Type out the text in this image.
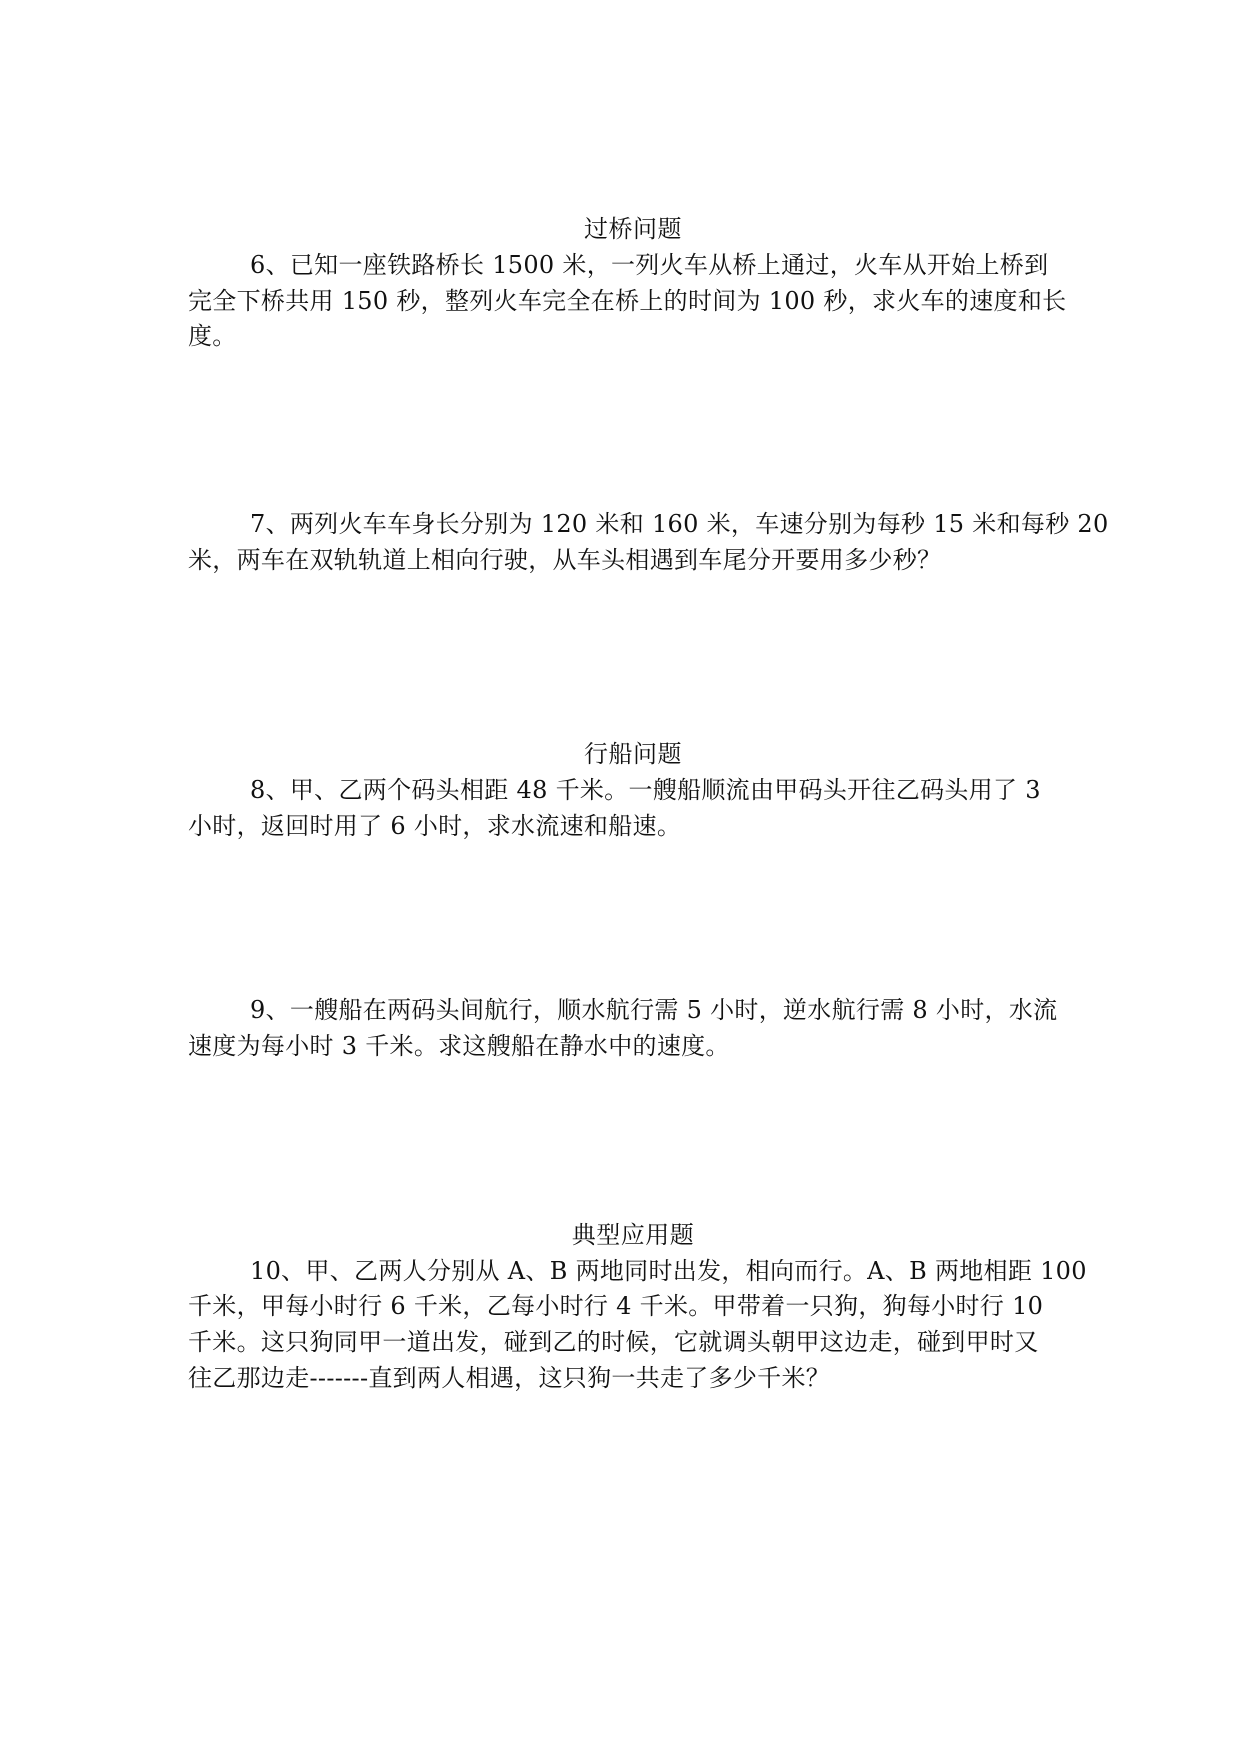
过桥问题
6、已知一座铁路桥长 1500 米，一列火车从桥上通过，火车从开始上桥到
完全下桥共用 150 秒，整列火车完全在桥上的时间为 100 秒，求火车的速度和长
度。
7、两列火车车身长分别为 120 米和 160 米，车速分别为每秒 15 米和每秒 20
米，两车在双轨轨道上相向行驶，从车头相遇到车尾分开要用多少秒？
行船问题
8、甲、乙两个码头相距 48 千米。一艘船顺流由甲码头开往乙码头用了 3
小时，返回时用了 6 小时，求水流速和船速。
9、一艘船在两码头间航行，顺水航行需 5 小时，逆水航行需 8 小时，水流
速度为每小时 3 千米。求这艘船在静水中的速度。
典型应用题
10、甲、乙两人分别从 A、B 两地同时出发，相向而行。A、B 两地相距 100
千米，甲每小时行 6 千米，乙每小时行 4 千米。甲带着一只狗，狗每小时行 10
千米。这只狗同甲一道出发，碰到乙的时候，它就调头朝甲这边走，碰到甲时又
往乙那边走-------直到两人相遇，这只狗一共走了多少千米？
